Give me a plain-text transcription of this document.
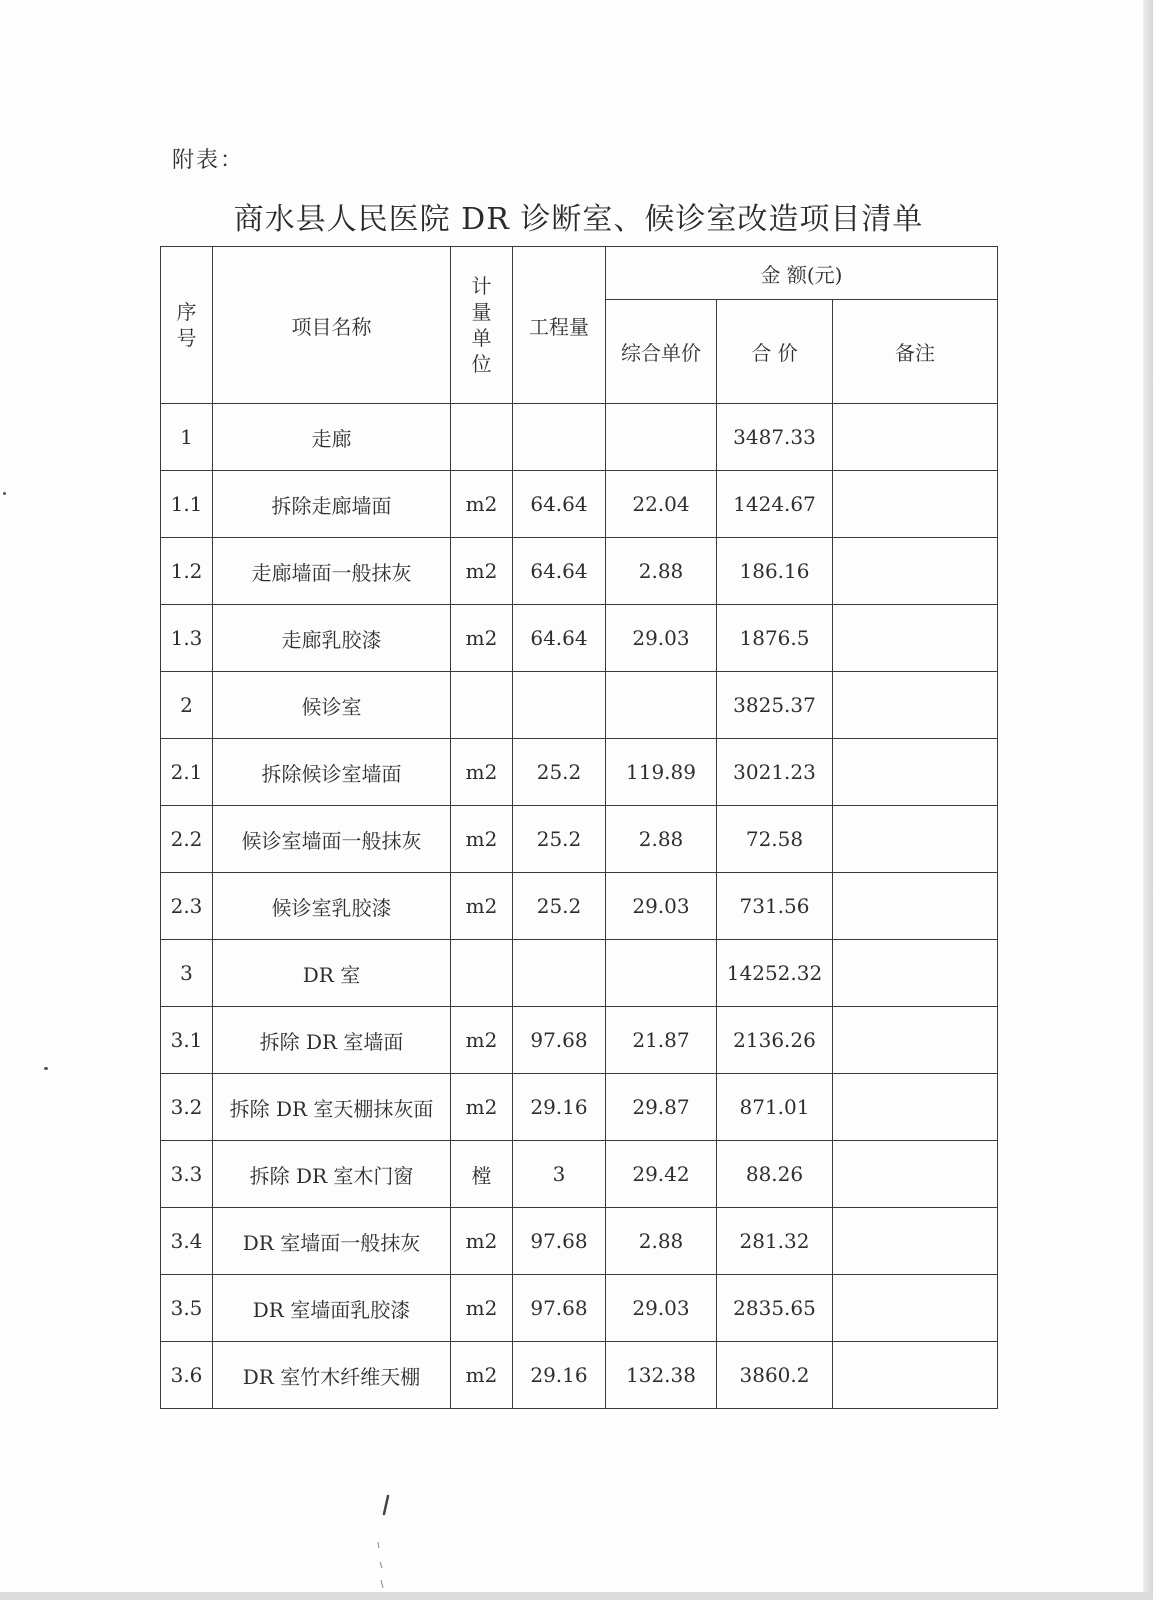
附表：
商水县人民医院 DR 诊断室、候诊室改造项目清单
序号	项目名称	计量单位	工程量	金 额(元)		
				综合单价	合 价	备注
1	走廊				3487.33	
1.1	拆除走廊墙面	m2	64.64	22.04	1424.67	
1.2	走廊墙面一般抹灰	m2	64.64	2.88	186.16	
1.3	走廊乳胶漆	m2	64.64	29.03	1876.5	
2	候诊室				3825.37	
2.1	拆除候诊室墙面	m2	25.2	119.89	3021.23	
2.2	候诊室墙面一般抹灰	m2	25.2	2.88	72.58	
2.3	候诊室乳胶漆	m2	25.2	29.03	731.56	
3	DR 室				14252.32	
3.1	拆除 DR 室墙面	m2	97.68	21.87	2136.26	
3.2	拆除 DR 室天棚抹灰面	m2	29.16	29.87	871.01	
3.3	拆除 DR 室木门窗	樘	3	29.42	88.26	
3.4	DR 室墙面一般抹灰	m2	97.68	2.88	281.32	
3.5	DR 室墙面乳胶漆	m2	97.68	29.03	2835.65	
3.6	DR 室竹木纤维天棚	m2	29.16	132.38	3860.2	
